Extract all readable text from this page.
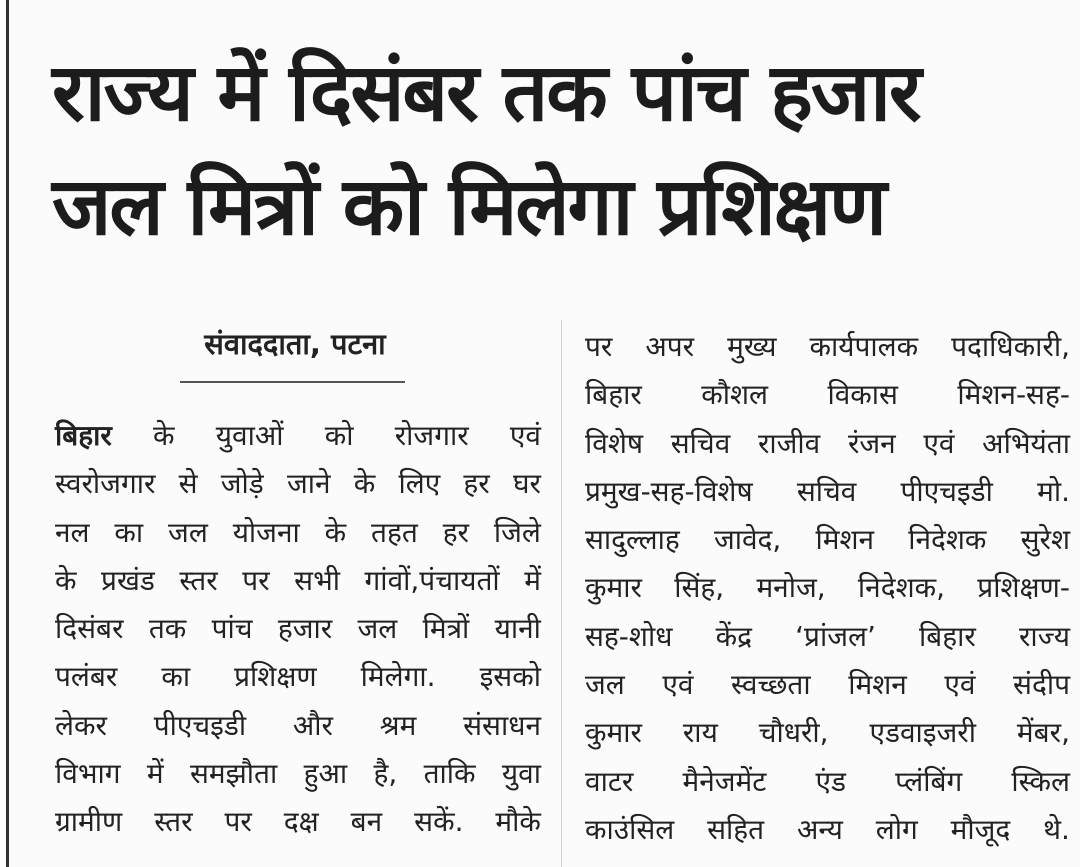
राज्य में दिसंबर तक पांच हजार
जल मित्रों को मिलेगा प्रशिक्षण
संवाददाता, पटना
बिहार के युवाओं को रोजगार एवं
स्वरोजगार से जोड़े जाने के लिए हर घर
नल का जल योजना के तहत हर जिले
के प्रखंड स्तर पर सभी गांवों,पंचायतों में
दिसंबर तक पांच हजार जल मित्रों यानी
पलंबर का प्रशिक्षण मिलेगा. इसको
लेकर पीएचइडी और श्रम संसाधन
विभाग में समझौता हुआ है, ताकि युवा
ग्रामीण स्तर पर दक्ष बन सकें. मौके
पर अपर मुख्य कार्यपालक पदाधिकारी,
बिहार कौशल विकास मिशन-सह-
विशेष सचिव राजीव रंजन एवं अभियंता
प्रमुख-सह-विशेष सचिव पीएचइडी मो.
सादुल्लाह जावेद, मिशन निदेशक सुरेश
कुमार सिंह, मनोज, निदेशक, प्रशिक्षण-
सह-शोध केंद्र ‘प्रांजल’ बिहार राज्य
जल एवं स्वच्छता मिशन एवं संदीप
कुमार राय चौधरी, एडवाइजरी मेंबर,
वाटर मैनेजमेंट एंड प्लंबिंग स्किल
काउंसिल सहित अन्य लोग मौजूद थे.
